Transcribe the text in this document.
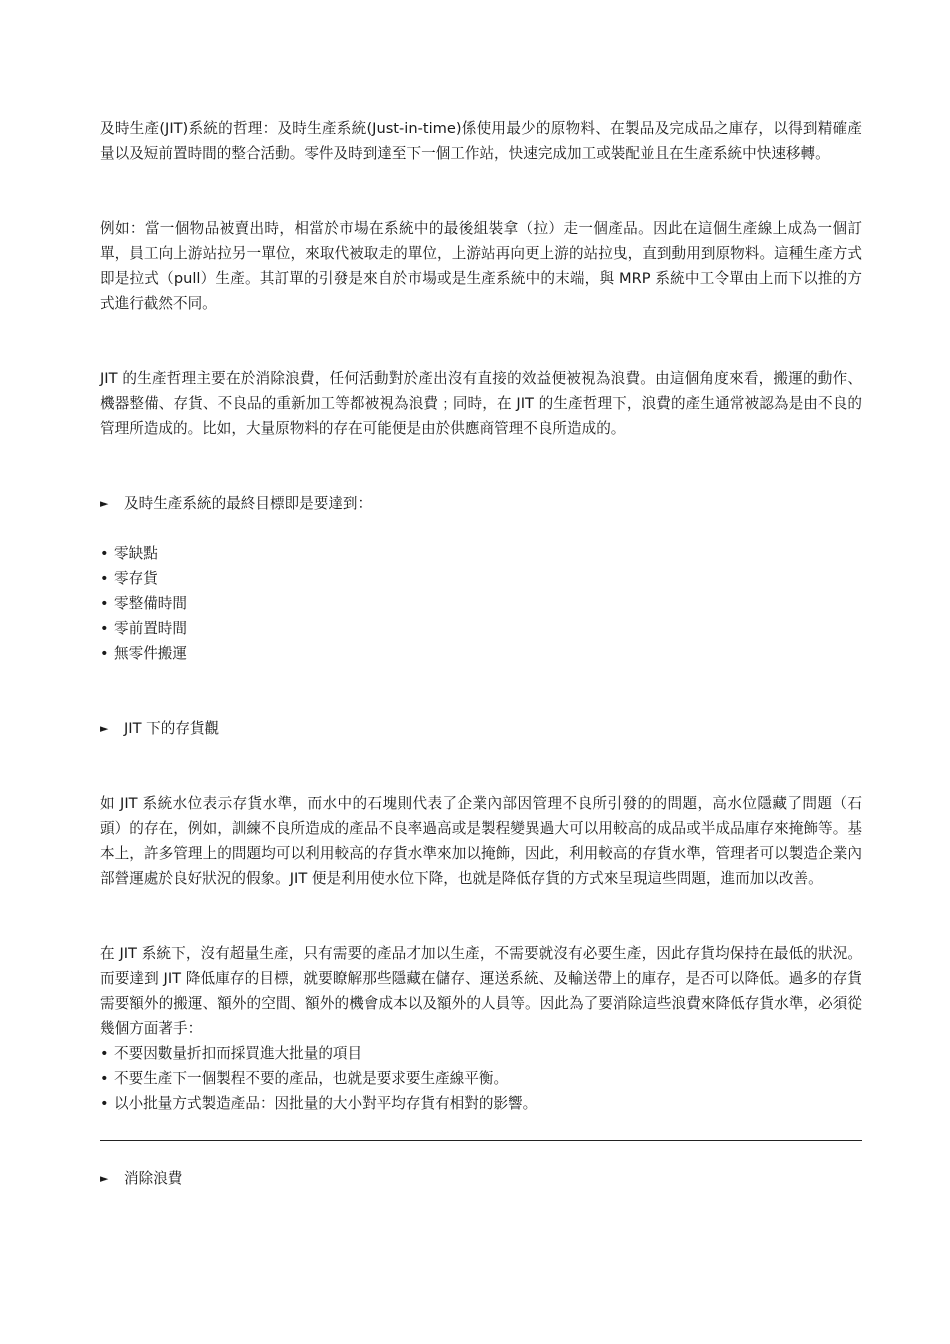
及時生產(JIT)系統的哲理：及時生產系統(Just-in-time)係使用最少的原物料、在製品及完成品之庫存，以得到精確產量以及短前置時間的整合活動。零件及時到達至下一個工作站，快速完成加工或裝配並且在生產系統中快速移轉。

例如：當一個物品被賣出時，相當於市場在系統中的最後組裝拿（拉）走一個產品。因此在這個生產線上成為一個訂單，員工向上游站拉另一單位，來取代被取走的單位，上游站再向更上游的站拉曳，直到動用到原物料。這種生產方式即是拉式（pull）生產。其訂單的引發是來自於市場或是生產系統中的末端，與 MRP 系統中工令單由上而下以推的方式進行截然不同。

JIT 的生產哲理主要在於消除浪費，任何活動對於產出沒有直接的效益便被視為浪費。由這個角度來看，搬運的動作、機器整備、存貨、不良品的重新加工等都被視為浪費﹔同時，在 JIT 的生產哲理下，浪費的產生通常被認為是由不良的管理所造成的。比如，大量原物料的存在可能便是由於供應商管理不良所造成的。

►	及時生產系統的最終目標即是要達到：
• 零缺點
• 零存貨
• 零整備時間
• 零前置時間
• 無零件搬運
►	JIT 下的存貨觀

如 JIT 系統水位表示存貨水準，而水中的石塊則代表了企業內部因管理不良所引發的的問題，高水位隱藏了問題（石頭）的存在，例如，訓練不良所造成的產品不良率過高或是製程變異過大可以用較高的成品或半成品庫存來掩飾等。基本上，許多管理上的問題均可以利用較高的存貨水準來加以掩飾，因此，利用較高的存貨水準，管理者可以製造企業內部營運處於良好狀況的假象。JIT 便是利用使水位下降，也就是降低存貨的方式來呈現這些問題，進而加以改善。

在 JIT 系統下，沒有超量生產，只有需要的產品才加以生產，不需要就沒有必要生產，因此存貨均保持在最低的狀況。而要達到 JIT 降低庫存的目標，就要瞭解那些隱藏在儲存、運送系統、及輸送帶上的庫存，是否可以降低。過多的存貨需要額外的搬運、額外的空間、額外的機會成本以及額外的人員等。因此為了要消除這些浪費來降低存貨水準，必須從幾個方面著手：

• 不要因數量折扣而採買進大批量的項目
• 不要生產下一個製程不要的產品，也就是要求要生產線平衡。
• 以小批量方式製造產品：因批量的大小對平均存貨有相對的影響。
►	消除浪費
